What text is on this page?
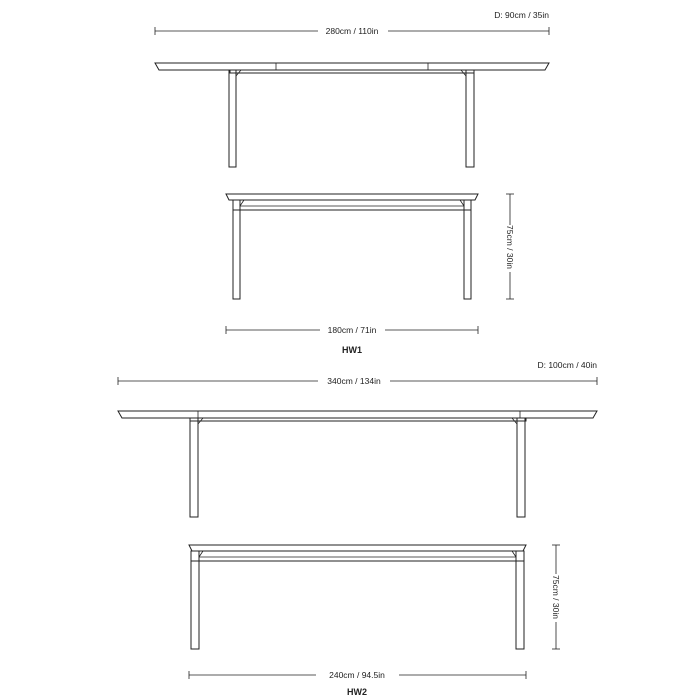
D: 90cm / 35in
280cm / 110in
75cm / 30in
180cm / 71in
HW1
D: 100cm / 40in
340cm / 134in
75cm / 30in
240cm / 94.5in
HW2
